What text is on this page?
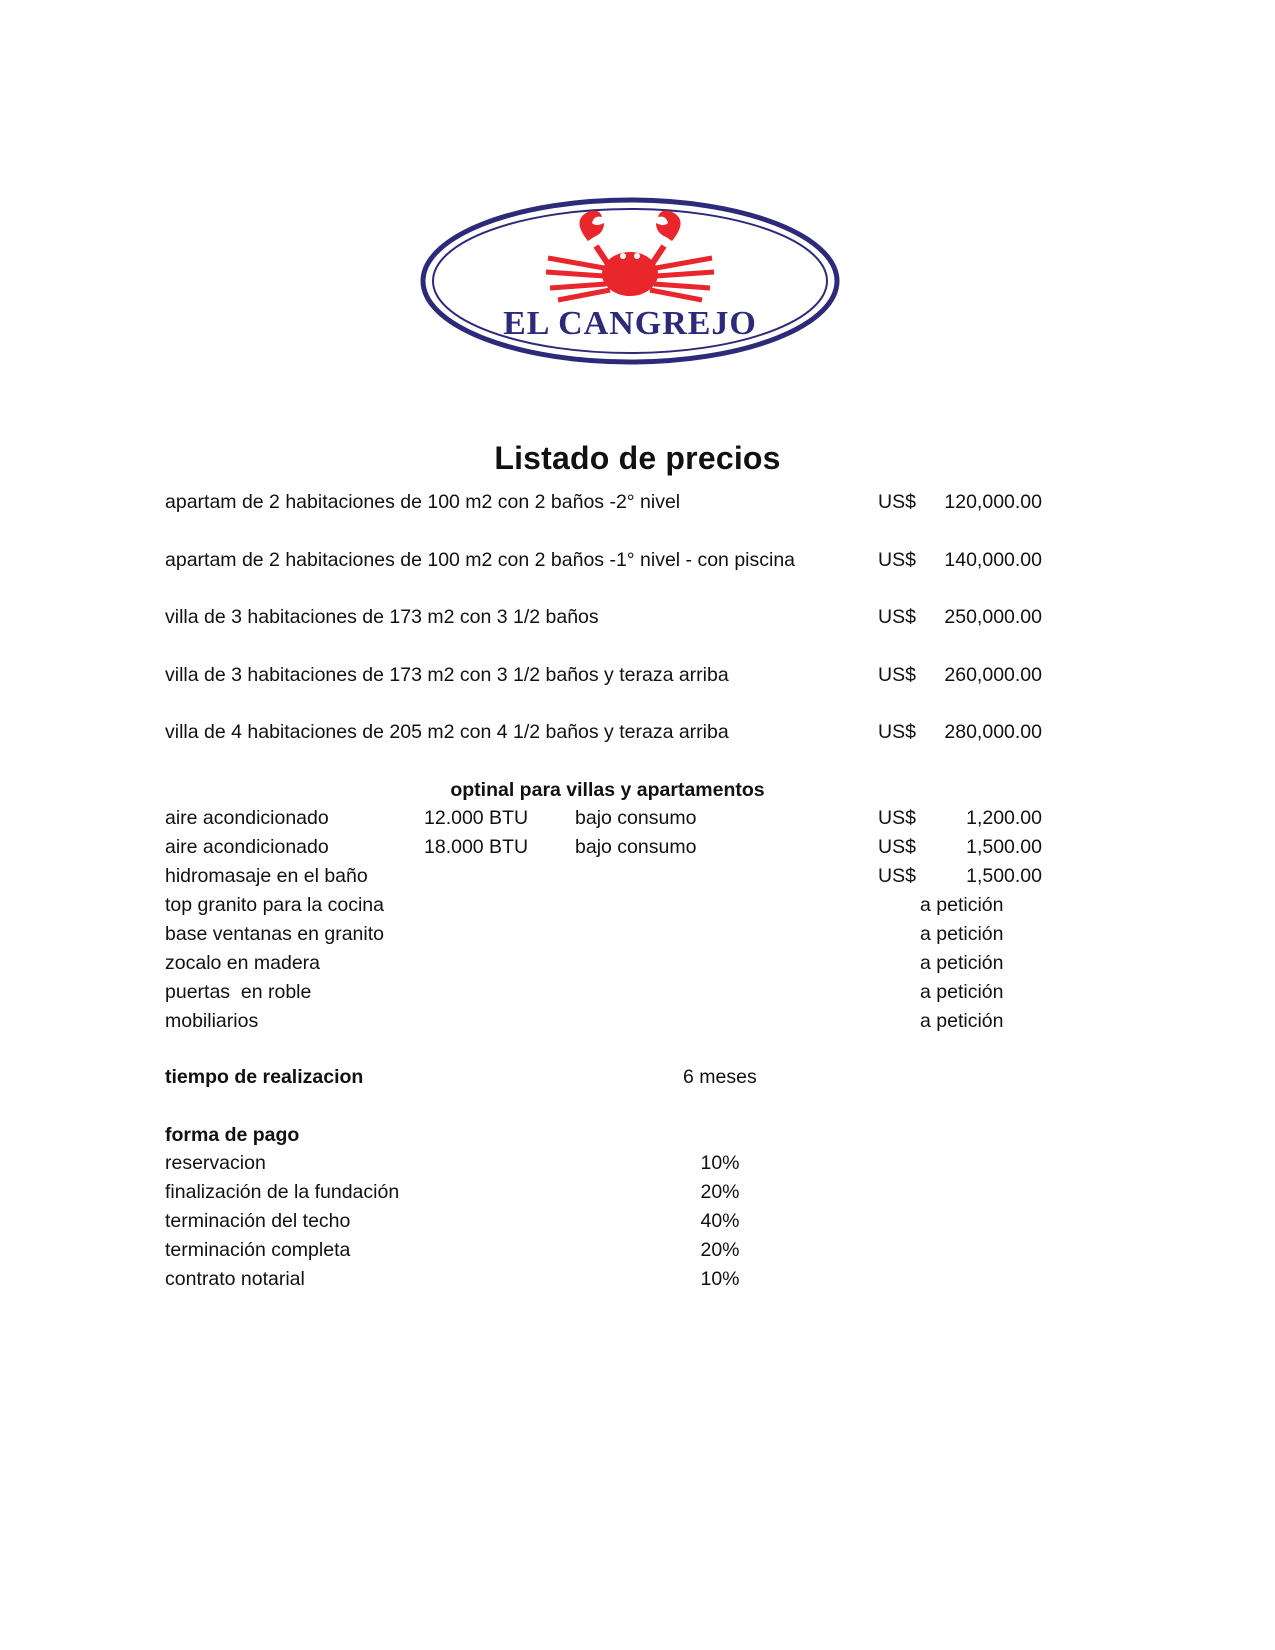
EL CANGREJO
Listado de precios
apartam de 2 habitaciones de 100 m2 con 2 baños -2° nivel	US$	120,000.00
apartam de 2 habitaciones de 100 m2 con 2 baños -1° nivel - con piscina	US$	140,000.00
villa de 3 habitaciones de 173 m2 con 3 1/2 baños	US$	250,000.00
villa de 3 habitaciones de 173 m2 con 3 1/2 baños y teraza arriba	US$	260,000.00
villa de 4 habitaciones de 205 m2 con 4 1/2 baños y teraza arriba	US$	280,000.00
optinal para villas y apartamentos
aire acondicionado	12.000 BTU bajo consumo	US$	1,200.00
aire acondicionado	18.000 BTU bajo consumo	US$	1,500.00
hidromasaje en el baño	US$	1,500.00
top granito para la cocina	a petición
base ventanas en granito	a petición
zocalo en madera	a petición
puertas  en roble	a petición
mobiliarios	a petición
tiempo de realizacion	6 meses
forma de pago
reservacion	10%
finalización de la fundación	20%
terminación del techo	40%
terminación completa	20%
contrato notarial	10%
